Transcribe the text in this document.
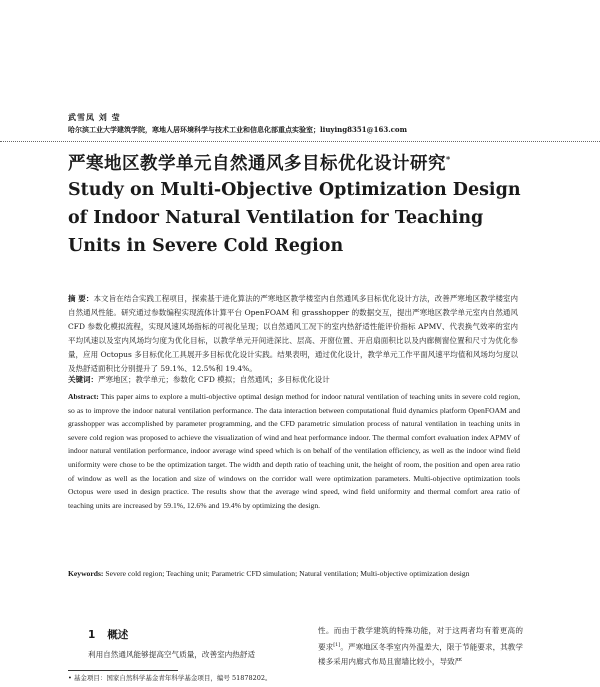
武雪凤 刘 莹
哈尔滨工业大学建筑学院，寒地人居环境科学与技术工业和信息化部重点实验室；liuying8351@163.com
严寒地区教学单元自然通风多目标优化设计研究*
Study on Multi-Objective Optimization Design of Indoor Natural Ventilation for Teaching Units in Severe Cold Region
摘 要：本文旨在结合实践工程项目，探索基于进化算法的严寒地区教学楼室内自然通风多目标优化设计方法，改善严寒地区教学楼室内自然通风性能。研究通过参数编程实现流体计算平台 OpenFOAM 和 grasshopper 的数据交互，提出严寒地区教学单元室内自然通风 CFD 参数化模拟流程，实现风速风场指标的可视化呈现；以自然通风工况下的室内热舒适性能评价指标 APMV、代表换气效率的室内平均风速以及室内风场均匀度为优化目标，以教学单元开间进深比、层高、开窗位置、开启扇面积比以及内廊侧窗位置和尺寸为优化参量，应用 Octopus 多目标优化工具展开多目标优化设计实践。结果表明，通过优化设计，教学单元工作平面风速平均值和风场均匀度以及热舒适面积比分别提升了 59.1%、12.5%和 19.4%。
关键词：严寒地区；教学单元；参数化 CFD 模拟；自然通风；多目标优化设计
Abstract: This paper aims to explore a multi-objective optimal design method for indoor natural ventilation of teaching units in severe cold region, so as to improve the indoor natural ventilation performance. The data interaction between computational fluid dynamics platform OpenFOAM and grasshopper was accomplished by parameter programming, and the CFD parametric simulation process of natural ventilation in teaching units in severe cold region was proposed to achieve the visualization of wind and heat performance indoor. The thermal comfort evaluation index APMV of indoor natural ventilation performance, indoor average wind speed which is on behalf of the ventilation efficiency, as well as the indoor wind field uniformity were chose to be the optimization target. The width and depth ratio of teaching unit, the height of room, the position and open area ratio of window as well as the location and size of windows on the corridor wall were optimization parameters. Multi-objective optimization tools Octopus were used in design practice. The results show that the average wind speed, wind field uniformity and thermal comfort area ratio of teaching units are increased by 59.1%, 12.6% and 19.4% by optimizing the design.
Keywords: Severe cold region; Teaching unit; Parametric CFD simulation; Natural ventilation; Multi-objective optimization design
1 概述
利用自然通风能够提高空气质量，改善室内热舒适
性。而由于教学建筑的特殊功能，对于这两者均有着更高的要求[1]。严寒地区冬季室内外温差大，限于节能要求，其教学楼多采用内廊式布局且窗墙比较小，导致严
• 基金项目：国家自然科学基金青年科学基金项目，编号 51878202。
